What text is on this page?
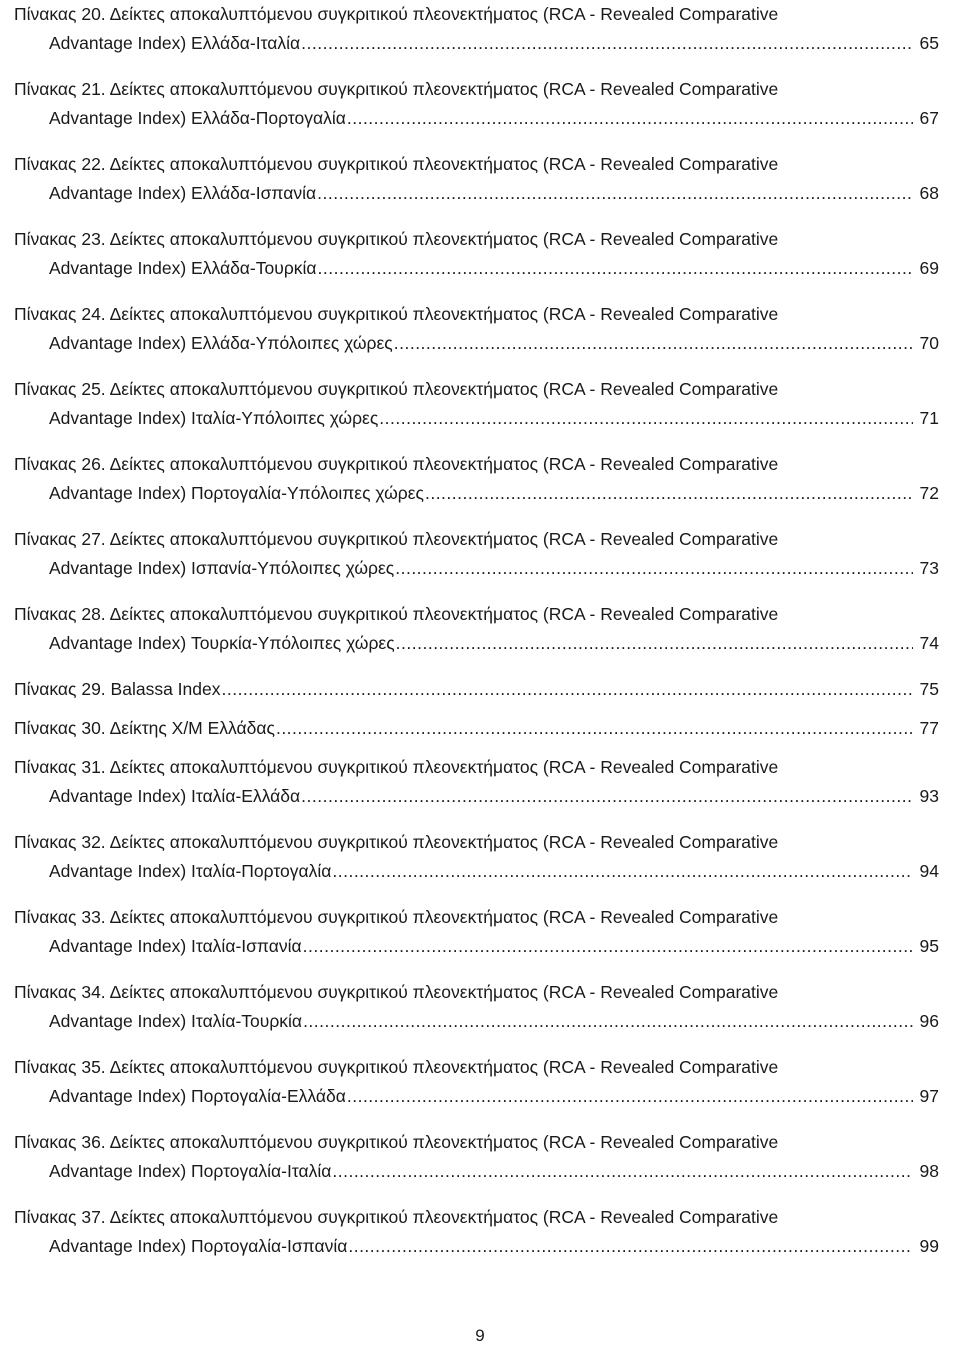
Πίνακας 20. Δείκτες αποκαλυπτόμενου συγκριτικού πλεονεκτήματος (RCA - Revealed Comparative
Advantage Index) Ελλάδα-Ιταλία .....	65
Πίνακας 21. Δείκτες αποκαλυπτόμενου συγκριτικού πλεονεκτήματος (RCA - Revealed Comparative
Advantage Index) Ελλάδα-Πορτογαλία .....	67
Πίνακας 22. Δείκτες αποκαλυπτόμενου συγκριτικού πλεονεκτήματος (RCA - Revealed Comparative
Advantage Index) Ελλάδα-Ισπανία .....	68
Πίνακας 23. Δείκτες αποκαλυπτόμενου συγκριτικού πλεονεκτήματος (RCA - Revealed Comparative
Advantage Index) Ελλάδα-Τουρκία .....	69
Πίνακας 24. Δείκτες αποκαλυπτόμενου συγκριτικού πλεονεκτήματος (RCA - Revealed Comparative
Advantage Index) Ελλάδα-Υπόλοιπες χώρες .....	70
Πίνακας 25. Δείκτες αποκαλυπτόμενου συγκριτικού πλεονεκτήματος (RCA - Revealed Comparative
Advantage Index) Ιταλία-Υπόλοιπες χώρες .....	71
Πίνακας 26. Δείκτες αποκαλυπτόμενου συγκριτικού πλεονεκτήματος (RCA - Revealed Comparative
Advantage Index) Πορτογαλία-Υπόλοιπες χώρες .....	72
Πίνακας 27. Δείκτες αποκαλυπτόμενου συγκριτικού πλεονεκτήματος (RCA - Revealed Comparative
Advantage Index) Ισπανία-Υπόλοιπες χώρες .....	73
Πίνακας 28. Δείκτες αποκαλυπτόμενου συγκριτικού πλεονεκτήματος (RCA - Revealed Comparative
Advantage Index) Τουρκία-Υπόλοιπες χώρες .....	74
Πίνακας 29. Balassa Index .....	75
Πίνακας 30. Δείκτης Χ/Μ Ελλάδας .....	77
Πίνακας 31. Δείκτες αποκαλυπτόμενου συγκριτικού πλεονεκτήματος (RCA - Revealed Comparative
Advantage Index) Ιταλία-Ελλάδα .....	93
Πίνακας 32. Δείκτες αποκαλυπτόμενου συγκριτικού πλεονεκτήματος (RCA - Revealed Comparative
Advantage Index) Ιταλία-Πορτογαλία .....	94
Πίνακας 33. Δείκτες αποκαλυπτόμενου συγκριτικού πλεονεκτήματος (RCA - Revealed Comparative
Advantage Index) Ιταλία-Ισπανία .....	95
Πίνακας 34. Δείκτες αποκαλυπτόμενου συγκριτικού πλεονεκτήματος (RCA - Revealed Comparative
Advantage Index) Ιταλία-Τουρκία .....	96
Πίνακας 35. Δείκτες αποκαλυπτόμενου συγκριτικού πλεονεκτήματος (RCA - Revealed Comparative
Advantage Index) Πορτογαλία-Ελλάδα .....	97
Πίνακας 36. Δείκτες αποκαλυπτόμενου συγκριτικού πλεονεκτήματος (RCA - Revealed Comparative
Advantage Index) Πορτογαλία-Ιταλία .....	98
Πίνακας 37. Δείκτες αποκαλυπτόμενου συγκριτικού πλεονεκτήματος (RCA - Revealed Comparative
Advantage Index) Πορτογαλία-Ισπανία .....	99
9
